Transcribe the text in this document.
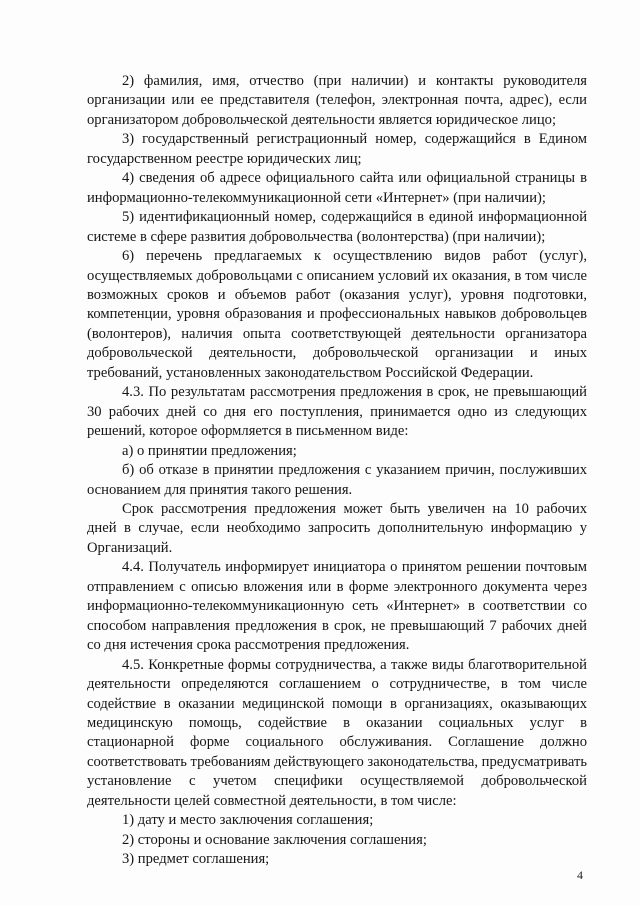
2) фамилия, имя, отчество (при наличии) и контакты руководителя организации или ее представителя (телефон, электронная почта, адрес), если организатором добровольческой деятельности является юридическое лицо;

3) государственный регистрационный номер, содержащийся в Едином государственном реестре юридических лиц;

4) сведения об адресе официального сайта или официальной страницы в информационно-телекоммуникационной сети «Интернет» (при наличии);

5) идентификационный номер, содержащийся в единой информационной системе в сфере развития добровольчества (волонтерства) (при наличии);

6) перечень предлагаемых к осуществлению видов работ (услуг), осуществляемых добровольцами с описанием условий их оказания, в том числе возможных сроков и объемов работ (оказания услуг), уровня подготовки, компетенции, уровня образования и профессиональных навыков добровольцев (волонтеров), наличия опыта соответствующей деятельности организатора добровольческой деятельности, добровольческой организации и иных требований, установленных законодательством Российской Федерации.

4.3. По результатам рассмотрения предложения в срок, не превышающий 30 рабочих дней со дня его поступления, принимается одно из следующих решений, которое оформляется в письменном виде:

а) о принятии предложения;

б) об отказе в принятии предложения с указанием причин, послуживших основанием для принятия такого решения.

Срок рассмотрения предложения может быть увеличен на 10 рабочих дней в случае, если необходимо запросить дополнительную информацию у Организаций.

4.4. Получатель информирует инициатора о принятом решении почтовым отправлением с описью вложения или в форме электронного документа через информационно-телекоммуникационную сеть «Интернет» в соответствии со способом направления предложения в срок, не превышающий 7 рабочих дней со дня истечения срока рассмотрения предложения.

4.5. Конкретные формы сотрудничества, а также виды благотворительной деятельности определяются соглашением о сотрудничестве, в том числе содействие в оказании медицинской помощи в организациях, оказывающих медицинскую помощь, содействие в оказании социальных услуг в стационарной форме социального обслуживания. Соглашение должно соответствовать требованиям действующего законодательства, предусматривать установление с учетом специфики осуществляемой добровольческой деятельности целей совместной деятельности, в том числе:

1) дату и место заключения соглашения;

2) стороны и основание заключения соглашения;

3) предмет соглашения;

4
